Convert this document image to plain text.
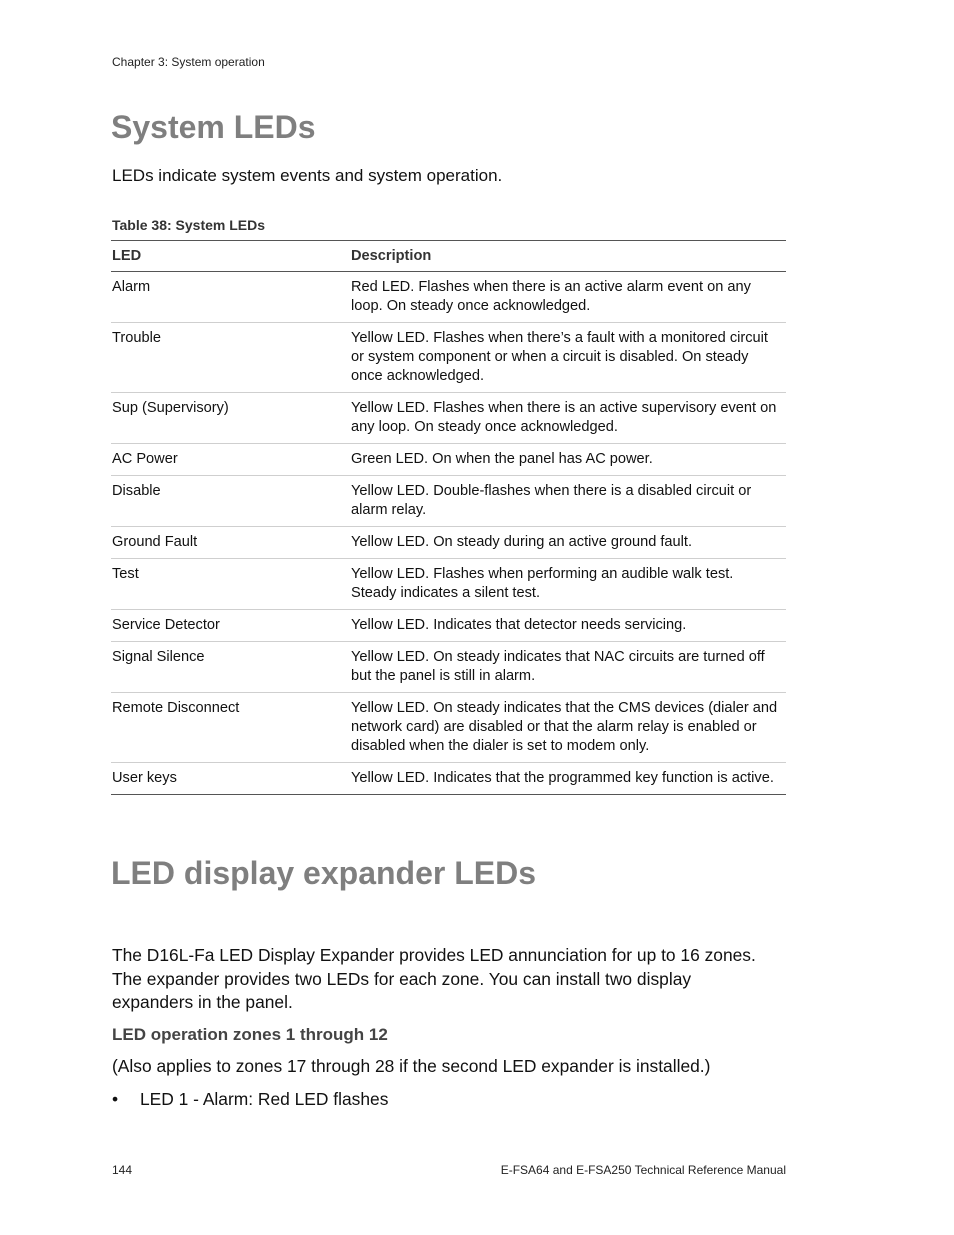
Chapter 3: System operation
System LEDs

LEDs indicate system events and system operation.

Table 38: System LEDs

LED	Description
Alarm	Red LED. Flashes when there is an active alarm event on any loop. On steady once acknowledged.
Trouble	Yellow LED. Flashes when there’s a fault with a monitored circuit or system component or when a circuit is disabled. On steady once acknowledged.
Sup (Supervisory)	Yellow LED. Flashes when there is an active supervisory event on any loop. On steady once acknowledged.
AC Power	Green LED. On when the panel has AC power.
Disable	Yellow LED. Double-flashes when there is a disabled circuit or alarm relay.
Ground Fault	Yellow LED. On steady during an active ground fault.
Test	Yellow LED. Flashes when performing an audible walk test. Steady indicates a silent test.
Service Detector	Yellow LED. Indicates that detector needs servicing.
Signal Silence	Yellow LED. On steady indicates that NAC circuits are turned off but the panel is still in alarm.
Remote Disconnect	Yellow LED. On steady indicates that the CMS devices (dialer and network card) are disabled or that the alarm relay is enabled or disabled when the dialer is set to modem only.
User keys	Yellow LED. Indicates that the programmed key function is active.
LED display expander LEDs

The D16L-Fa LED Display Expander provides LED annunciation for up to 16 zones. The expander provides two LEDs for each zone. You can install two display expanders in the panel.

LED operation zones 1 through 12

(Also applies to zones 17 through 28 if the second LED expander is installed.)

• LED 1 - Alarm: Red LED flashes
144	E-FSA64 and E-FSA250 Technical Reference Manual
